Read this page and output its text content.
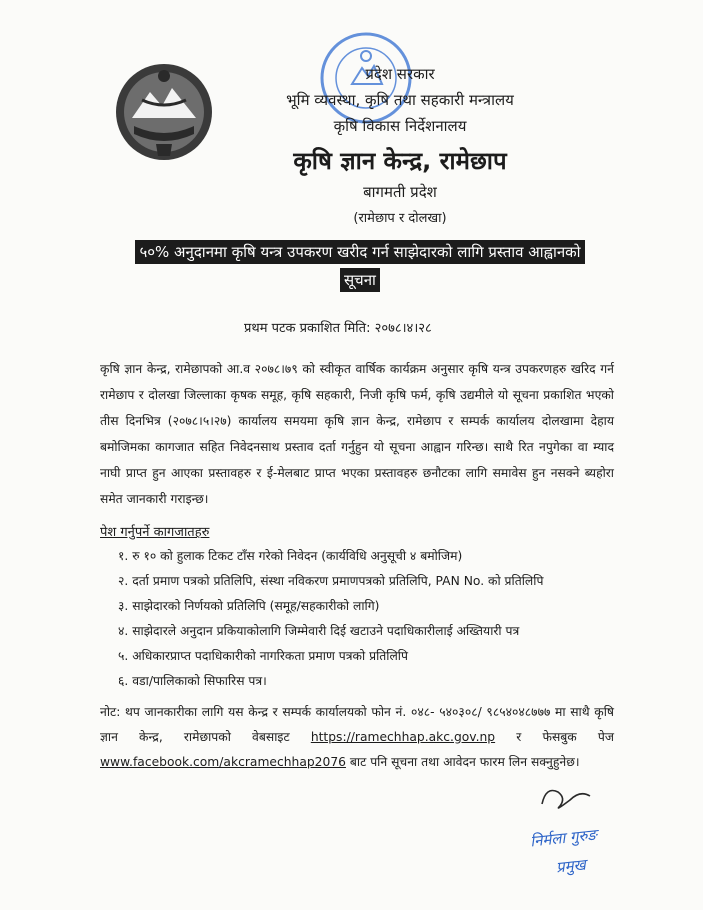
प्रदेश सरकार
भूमि व्यवस्था, कृषि तथा सहकारी मन्त्रालय
कृषि विकास निर्देशनालय
कृषि ज्ञान केन्द्र, रामेछाप
बागमती प्रदेश
(रामेछाप र दोलखा)
५०% अनुदानमा कृषि यन्त्र उपकरण खरीद गर्न साझेदारको लागि प्रस्ताव आह्वानको
सूचना
प्रथम पटक प्रकाशित मिति: २०७८।४।२८
कृषि ज्ञान केन्द्र, रामेछापको आ.व २०७८।७९ को स्वीकृत वार्षिक कार्यक्रम अनुसार कृषि यन्त्र उपकरणहरु खरिद गर्न रामेछाप र दोलखा जिल्लाका कृषक समूह, कृषि सहकारी, निजी कृषि फर्म, कृषि उद्यमीले यो सूचना प्रकाशित भएको तीस दिनभित्र (२०७८।५।२७) कार्यालय समयमा कृषि ज्ञान केन्द्र, रामेछाप र सम्पर्क कार्यालय दोलखामा देहाय बमोजिमका कागजात सहित निवेदनसाथ प्रस्ताव दर्ता गर्नुहुन यो सूचना आह्वान गरिन्छ। साथै रित नपुगेका वा म्याद नाघी प्राप्त हुन आएका प्रस्तावहरु र ई-मेलबाट प्राप्त भएका प्रस्तावहरु छनौटका लागि समावेस हुन नसक्ने ब्यहोरा समेत जानकारी गराइन्छ।
पेश गर्नुपर्ने कागजातहरु
१. रु १० को हुलाक टिकट टाँस गरेको निवेदन (कार्यविधि अनुसूची ४ बमोजिम)
२. दर्ता प्रमाण पत्रको प्रतिलिपि, संस्था नविकरण प्रमाणपत्रको प्रतिलिपि, PAN No. को प्रतिलिपि
३. साझेदारको निर्णयको प्रतिलिपि (समूह/सहकारीको लागि)
४. साझेदारले अनुदान प्रकियाकोलागि जिम्मेवारी दिई खटाउने पदाधिकारीलाई अख्तियारी पत्र
५. अधिकारप्राप्त पदाधिकारीको नागरिकता प्रमाण पत्रको प्रतिलिपि
६. वडा/पालिकाको सिफारिस पत्र।
नोट: थप जानकारीका लागि यस केन्द्र र सम्पर्क कार्यालयको फोन नं. ०४८- ५४०३०८/ ९८५४०४८७७७ मा साथै कृषि ज्ञान केन्द्र, रामेछापको वेबसाइट https://ramechhap.akc.gov.np र फेसबुक पेज www.facebook.com/akcramechhap2076 बाट पनि सूचना तथा आवेदन फारम लिन सक्नुहुनेछ।
निर्मला गुरुङ
प्रमुख
